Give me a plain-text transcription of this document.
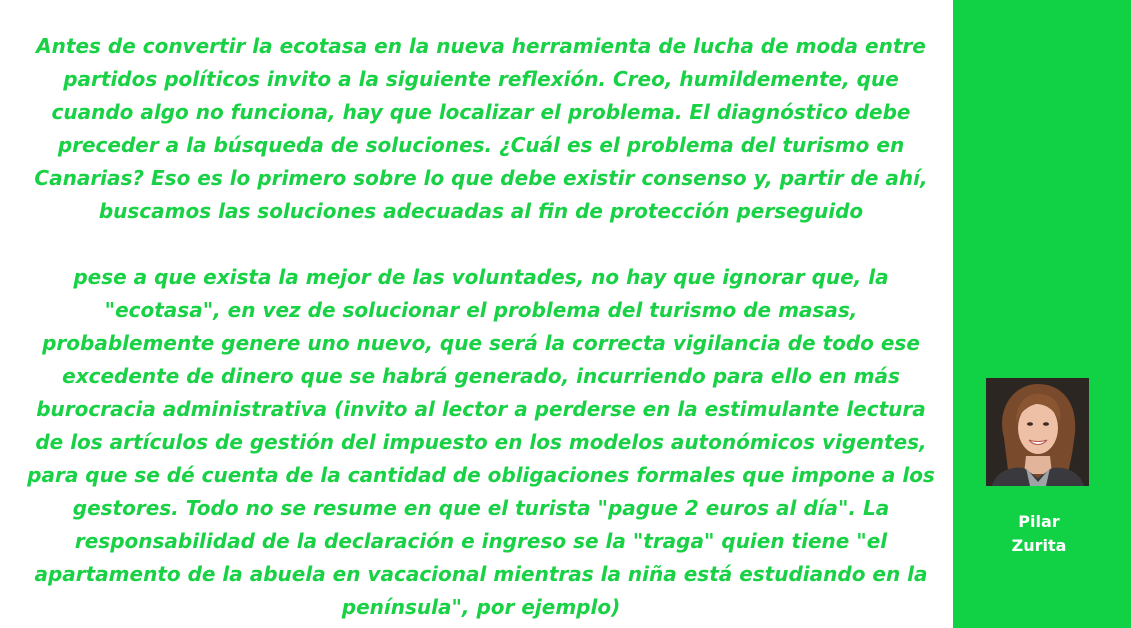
Antes de convertir la ecotasa en la nueva herramienta de lucha de moda entre partidos políticos invito a la siguiente reflexión. Creo, humildemente, que cuando algo no funciona, hay que localizar el problema. El diagnóstico debe preceder a la búsqueda de soluciones. ¿Cuál es el problema del turismo en Canarias? Eso es lo primero sobre lo que debe existir consenso y, partir de ahí, buscamos las soluciones adecuadas al fin de protección perseguido

pese a que exista la mejor de las voluntades, no hay que ignorar que, la "ecotasa", en vez de solucionar el problema del turismo de masas, probablemente genere uno nuevo, que será la correcta vigilancia de todo ese excedente de dinero que se habrá generado, incurriendo para ello en más burocracia administrativa (invito al lector a perderse en la estimulante lectura de los artículos de gestión del impuesto en los modelos autonómicos vigentes, para que se dé cuenta de la cantidad de obligaciones formales que impone a los gestores. Todo no se resume en que el turista "pague 2 euros al día". La responsabilidad de la declaración e ingreso se la "traga" quien tiene "el apartamento de la abuela en vacacional mientras la niña está estudiando en la península", por ejemplo)

Pilar
Zurita
